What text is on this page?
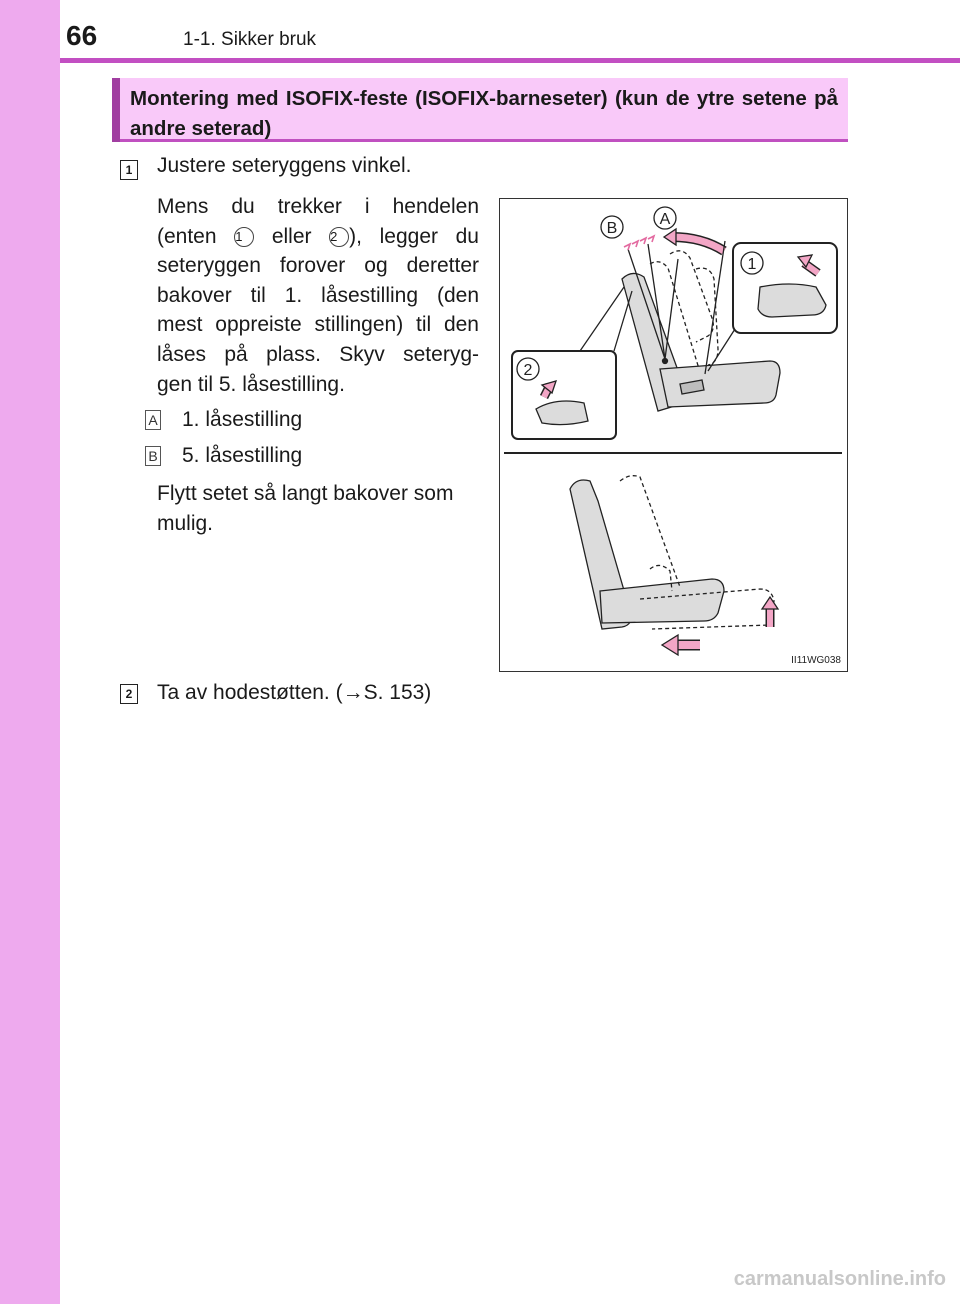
66	1-1. Sikker bruk
Montering med ISOFIX-feste (ISOFIX-barneseter) (kun de ytre setene på andre seterad)
1 Justere seteryggens vinkel.
Mens du trekker i hendelen
(enten 1 eller 2 ), legger du
seteryggen forover og deretter
bakover til 1. låsestilling (den
mest oppreiste stillingen) til den
låses på plass. Skyv seteryg-
gen til 5. låsestilling.
A 1. låsestilling
B 5. låsestilling
Flytt setet så langt bakover som mulig.
2 Ta av hodestøtten. (→S. 153)
B
A
1
2
II11WG038
carmanualsonline.info
